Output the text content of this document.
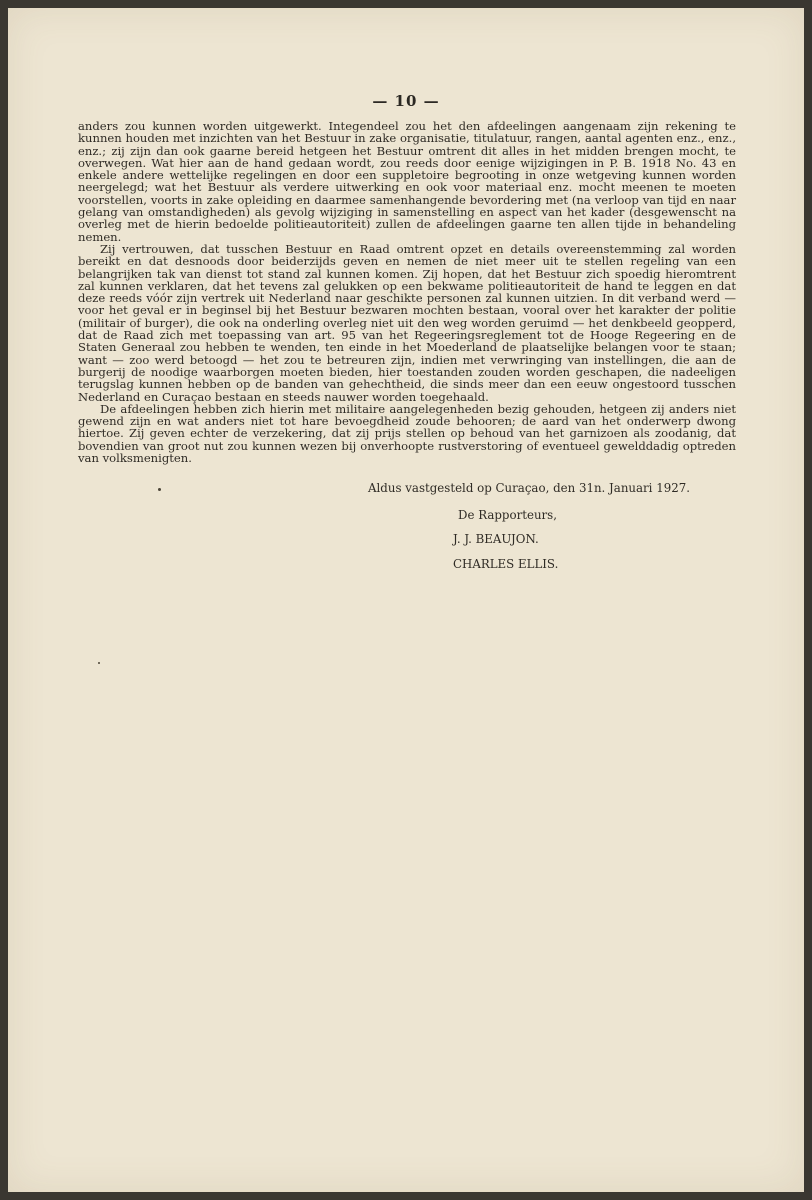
— 10 —

anders zou kunnen worden uitgewerkt. Integendeel zou het den afdeelingen aangenaam zijn rekening te kunnen houden met inzichten van het Bestuur in zake organisatie, titulatuur, rangen, aantal agenten enz., enz., enz.; zij zijn dan ook gaarne bereid hetgeen het Bestuur omtrent dit alles in het midden brengen mocht, te overwegen. Wat hier aan de hand gedaan wordt, zou reeds door eenige wijzigingen in P. B. 1918 No. 43 en enkele andere wettelijke regelingen en door een suppletoire begrooting in onze wetgeving kunnen worden neergelegd; wat het Bestuur als verdere uitwerking en ook voor materiaal enz. mocht meenen te moeten voorstellen, voorts in zake opleiding en daarmee samenhangende bevordering met (na verloop van tijd en naar gelang van omstandigheden) als gevolg wijziging in samenstelling en aspect van het kader (desgewenscht na overleg met de hierin bedoelde politieautoriteit) zullen de afdeelingen gaarne ten allen tijde in behandeling nemen.

Zij vertrouwen, dat tusschen Bestuur en Raad omtrent opzet en details overeenstemming zal worden bereikt en dat desnoods door beiderzijds geven en nemen de niet meer uit te stellen regeling van een belangrijken tak van dienst tot stand zal kunnen komen. Zij hopen, dat het Bestuur zich spoedig hieromtrent zal kunnen verklaren, dat het tevens zal gelukken op een bekwame politieautoriteit de hand te leggen en dat deze reeds vóór zijn vertrek uit Nederland naar geschikte personen zal kunnen uitzien. In dit verband werd — voor het geval er in beginsel bij het Bestuur bezwaren mochten bestaan, vooral over het karakter der politie (militair of burger), die ook na onderling overleg niet uit den weg worden geruimd — het denkbeeld geopperd, dat de Raad zich met toepassing van art. 95 van het Regeeringsreglement tot de Hooge Regeering en de Staten Generaal zou hebben te wenden, ten einde in het Moederland de plaatselijke belangen voor te staan; want — zoo werd betoogd — het zou te betreuren zijn, indien met verwringing van instellingen, die aan de burgerij de noodige waarborgen moeten bieden, hier toestanden zouden worden geschapen, die nadeeligen terugslag kunnen hebben op de banden van gehechtheid, die sinds meer dan een eeuw ongestoord tusschen Nederland en Curaçao bestaan en steeds nauwer worden toegehaald.

De afdeelingen hebben zich hierin met militaire aangelegenheden bezig gehouden, hetgeen zij anders niet gewend zijn en wat anders niet tot hare bevoegdheid zoude behooren; de aard van het onderwerp dwong hiertoe. Zij geven echter de verzekering, dat zij prijs stellen op behoud van het garnizoen als zoodanig, dat bovendien van groot nut zou kunnen wezen bij onverhoopte rustverstoring of eventueel gewelddadig optreden van volksmenigten.

Aldus vastgesteld op Curaçao, den 31n. Januari 1927.
De Rapporteurs,
J. J. BEAUJON.
CHARLES ELLIS.
